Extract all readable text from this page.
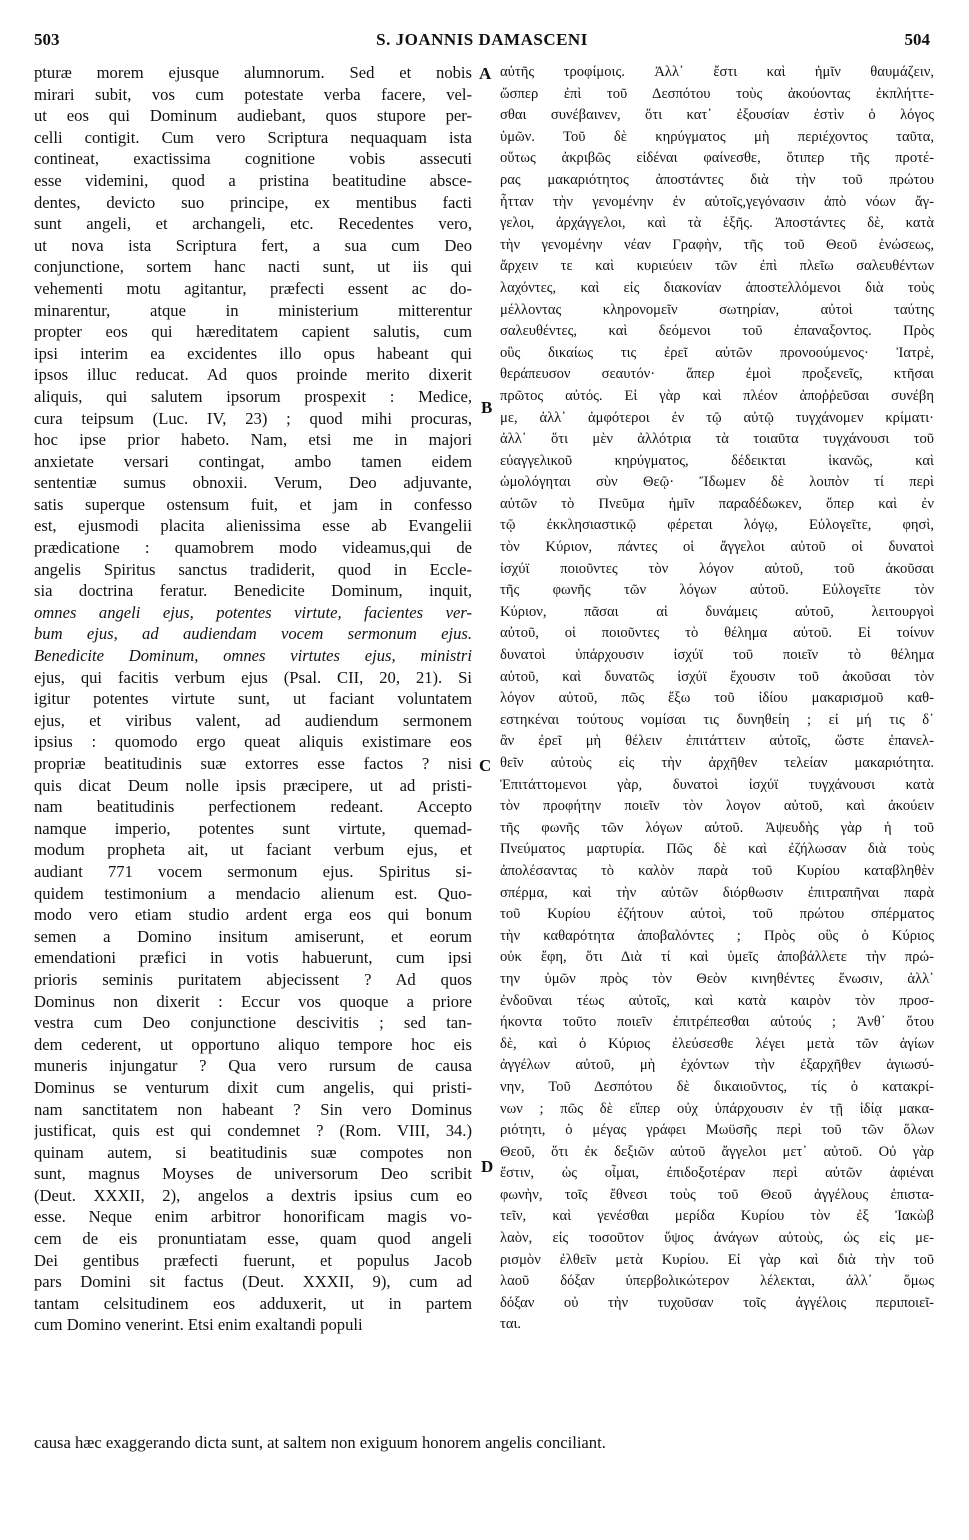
503	S. JOANNIS DAMASCENI	504
pturæ morem ejusque alumnorum. Sed et nobis
mirari subit, vos cum potestate verba facere, vel-
ut eos qui Dominum audiebant, quos stupore per-
celli contigit. Cum vero Scriptura nequaquam ista
contineat, exactissima cognitione vobis assecuti
esse videmini, quod a pristina beatitudine absce-
dentes, devicto suo principe, ex mentibus facti
sunt angeli, et archangeli, etc. Recedentes vero,
ut nova ista Scriptura fert, a sua cum Deo
conjunctione, sortem hanc nacti sunt, ut iis qui
vehementi motu agitantur, præfecti essent ac do-
minarentur, atque in ministerium mitterentur
propter eos qui hæreditatem capient salutis, cum
ipsi interim ea excidentes illo opus habeant qui
ipsos illuc reducat. Ad quos proinde merito dixerit
aliquis, qui salutem ipsorum prospexit : Medice,
cura teipsum (Luc. IV, 23) ; quod mihi procuras,
hoc ipse prior habeto. Nam, etsi me in majori
anxietate versari contingat, ambo tamen eidem
sententiæ sumus obnoxii. Verum, Deo adjuvante,
satis superque ostensum fuit, et jam in confesso
est, ejusmodi placita alienissima esse ab Evangelii
prædicatione : quamobrem modo videamus,qui de
angelis Spiritus sanctus tradiderit, quod in Eccle-
sia doctrina feratur. Benedicite Dominum, inquit,
omnes angeli ejus, potentes virtute, facientes ver-
bum ejus, ad audiendam vocem sermonum ejus.
Benedicite Dominum, omnes virtutes ejus, ministri
ejus, qui facitis verbum ejus (Psal. CII, 20, 21). Si
igitur potentes virtute sunt, ut faciant voluntatem
ejus, et viribus valent, ad audiendum sermonem
ipsius : quomodo ergo queat aliquis existimare eos
propriæ beatitudinis suæ extorres esse factos ? nisi
quis dicat Deum nolle ipsis præcipere, ut ad pristi-
nam beatitudinis perfectionem redeant. Accepto
namque imperio, potentes sunt virtute, quemad-
modum propheta ait, ut faciant verbum ejus, et
audiant 771 vocem sermonum ejus. Spiritus si-
quidem testimonium a mendacio alienum est. Quo-
modo vero etiam studio ardent erga eos qui bonum
semen a Domino insitum amiserunt, et eorum
emendationi præfici in votis habuerunt, cum ipsi
prioris seminis puritatem abjecissent ? Ad quos
Dominus non dixerit : Eccur vos quoque a priore
vestra cum Deo conjunctione descivitis ; sed tan-
dem cederent, ut opportuno aliquo tempore hoc eis
muneris injungatur ? Qua vero rursum de causa
Dominus se venturum dixit cum angelis, qui pristi-
nam sanctitatem non habeant ? Sin vero Dominus
justificat, quis est qui condemnet ? (Rom. VIII, 34.)
quinam autem, si beatitudinis suæ compotes non
sunt, magnus Moyses de universorum Deo scribit
(Deut. XXXII, 2), angelos a dextris ipsius cum eo
esse. Neque enim arbitror honorificam magis vo-
cem de eis pronuntiatam esse, quam quod angeli
Dei gentibus præfecti fuerunt, et populus Jacob
pars Domini sit factus (Deut. XXXII, 9), cum ad
tantam celsitudinem eos adduxerit, ut in partem
cum Domino venerint. Etsi enim exaltandi populi
αὐτῆς τροφίμοις. Ἀλλ᾽ ἔστι καὶ ἡμῖν θαυμάζειν,
ὥσπερ ἐπὶ τοῦ Δεσπότου τοὺς ἀκούοντας ἐκπλήττε-
σθαι συνέβαινεν, ὅτι κατ᾽ ἐξουσίαν ἐστὶν ὁ λόγος
ὑμῶν. Τοῦ δὲ κηρύγματος μὴ περιέχοντος ταῦτα,
οὕτως ἀκριβῶς εἰδέναι φαίνεσθε, ὅτιπερ τῆς προτέ-
ρας μακαριότητος ἀποστάντες διὰ τὴν τοῦ πρώτου
ἧτταν τὴν γενομένην ἐν αὐτοῖς,γεγόνασιν ἀπὸ νόων ἄγ-
γελοι, ἀρχάγγελοι, καὶ τὰ ἑξῆς. Ἀποστάντες δὲ, κατὰ
τὴν γενομένην νέαν Γραφὴν, τῆς τοῦ Θεοῦ ἑνώσεως,
ἄρχειν τε καὶ κυριεύειν τῶν ἐπὶ πλεῖω σαλευθέντων
λαχόντες, καὶ εἰς διακονίαν ἀποστελλόμενοι διὰ τοὺς
μέλλοντας κληρονομεῖν σωτηρίαν, αὐτοὶ ταύτης
σαλευθέντες, καὶ δεόμενοι τοῦ ἐπαναξοντος. Πρὸς
οὓς δικαίως τις ἐρεῖ αὐτῶν προνοούμενος· Ἰατρὲ,
θεράπευσον σεαυτόν· ἅπερ ἐμοὶ προξενεῖς, κτῆσαι
πρῶτος αὐτός. Εἰ γὰρ καὶ πλέον ἀποῤῥεῦσαι συνέβη
με, ἀλλ᾽ ἀμφότεροι ἐν τῷ αὐτῷ τυγχάνομεν κρίματι·
ἀλλ᾽ ὅτι μὲν ἀλλότρια τὰ τοιαῦτα τυγχάνουσι τοῦ
εὐαγγελικοῦ κηρύγματος, δέδεικται ἱκανῶς, καὶ
ὡμολόγηται σὺν Θεῷ· Ἴδωμεν δὲ λοιπὸν τί περὶ
αὐτῶν τὸ Πνεῦμα ἡμῖν παραδέδωκεν, ὅπερ καὶ ἐν
τῷ ἐκκλησιαστικῷ φέρεται λόγῳ, Εὐλογεῖτε, φησὶ,
τὸν Κύριον, πάντες οἱ ἄγγελοι αὐτοῦ οἱ δυνατοὶ
ἰσχύϊ ποιοῦντες τὸν λόγον αὐτοῦ, τοῦ ἀκοῦσαι
τῆς φωνῆς τῶν λόγων αὐτοῦ. Εὐλογεῖτε τὸν
Κύριον, πᾶσαι αἱ δυνάμεις αὐτοῦ, λειτουργοὶ
αὐτοῦ, οἱ ποιοῦντες τὸ θέλημα αὐτοῦ. Εἰ τοίνυν
δυνατοὶ ὑπάρχουσιν ἰσχύϊ τοῦ ποιεῖν τὸ θέλημα
αὐτοῦ, καὶ δυνατῶς ἰσχύϊ ἔχουσιν τοῦ ἀκοῦσαι τὸν
λόγον αὐτοῦ, πῶς ἔξω τοῦ ἰδίου μακαρισμοῦ καθ-
εστηκέναι τούτους νομίσαι τις δυνηθείη ; εἰ μή τις δ᾽
ἂν ἐρεῖ μὴ θέλειν ἐπιτάττειν αὐτοῖς, ὥστε ἐπανελ-
θεῖν αὐτοὺς εἰς τὴν ἀρχῆθεν τελείαν μακαριότητα.
Ἐπιτάττομενοι γὰρ, δυνατοὶ ἰσχύϊ τυγχάνουσι κατὰ
τὸν προφήτην ποιεῖν τὸν λογον αὐτοῦ, καὶ ἀκούειν
τῆς φωνῆς τῶν λόγων αὐτοῦ. Ἀψευδὴς γὰρ ἡ τοῦ
Πνεύματος μαρτυρία. Πῶς δὲ καὶ ἐζήλωσαν διὰ τοὺς
ἀπολέσαντας τὸ καλὸν παρὰ τοῦ Κυρίου καταβληθὲν
σπέρμα, καὶ τὴν αὐτῶν διόρθωσιν ἐπιτραπῆναι παρὰ
τοῦ Κυρίου ἐζήτουν αὐτοὶ, τοῦ πρώτου σπέρματος
τὴν καθαρότητα ἀποβαλόντες ; Πρὸς οὓς ὁ Κύριος
οὐκ ἔφη, ὅτι Διὰ τί καὶ ὑμεῖς ἀποβάλλετε τὴν πρώ-
την ὑμῶν πρὸς τὸν Θεὸν κινηθέντες ἕνωσιν, ἀλλ᾽
ἐνδοῦναι τέως αὐτοῖς, καὶ κατὰ καιρὸν τὸν προσ-
ήκοντα τοῦτο ποιεῖν ἐπιτρέπεσθαι αὐτούς ; Ἀνθ᾽ ὅτου
δὲ, καὶ ὁ Κύριος ἐλεύσεσθε λέγει μετὰ τῶν ἁγίων
ἀγγέλων αὐτοῦ, μὴ ἐχόντων τὴν ἐξαρχῆθεν ἁγιωσύ-
νην, Τοῦ Δεσπότου δὲ δικαιοῦντος, τίς ὁ κατακρί-
νων ; πῶς δὲ εἴπερ οὐχ ὑπάρχουσιν ἐν τῇ ἰδίᾳ μακα-
ριότητι, ὁ μέγας γράφει Μωϋσῆς περὶ τοῦ τῶν ὅλων
Θεοῦ, ὅτι ἐκ δεξιῶν αὐτοῦ ἄγγελοι μετ᾽ αὐτοῦ. Οὐ γὰρ
ἔστιν, ὡς οἶμαι, ἐπιδοξοτέραν περὶ αὐτῶν ἀφιέναι
φωνὴν, τοῖς ἔθνεσι τοὺς τοῦ Θεοῦ ἀγγέλους ἐπιστα-
τεῖν, καὶ γενέσθαι μερίδα Κυρίου τὸν ἐξ Ἰακὼβ
λαὸν, εἰς τοσοῦτον ὕψος ἀνάγων αὐτοὺς, ὡς εἰς με-
ρισμὸν ἐλθεῖν μετὰ Κυρίου. Εἰ γὰρ καὶ διὰ τὴν τοῦ
λαοῦ δόξαν ὑπερβολικώτερον λέλεκται, ἀλλ᾽ ὅμως
δόξαν οὐ τὴν τυχοῦσαν τοῖς ἀγγέλοις περιποιεῖ-
ται.
A
B
C
D
causa hæc exaggerando dicta sunt, at saltem non exiguum honorem angelis conciliant.
